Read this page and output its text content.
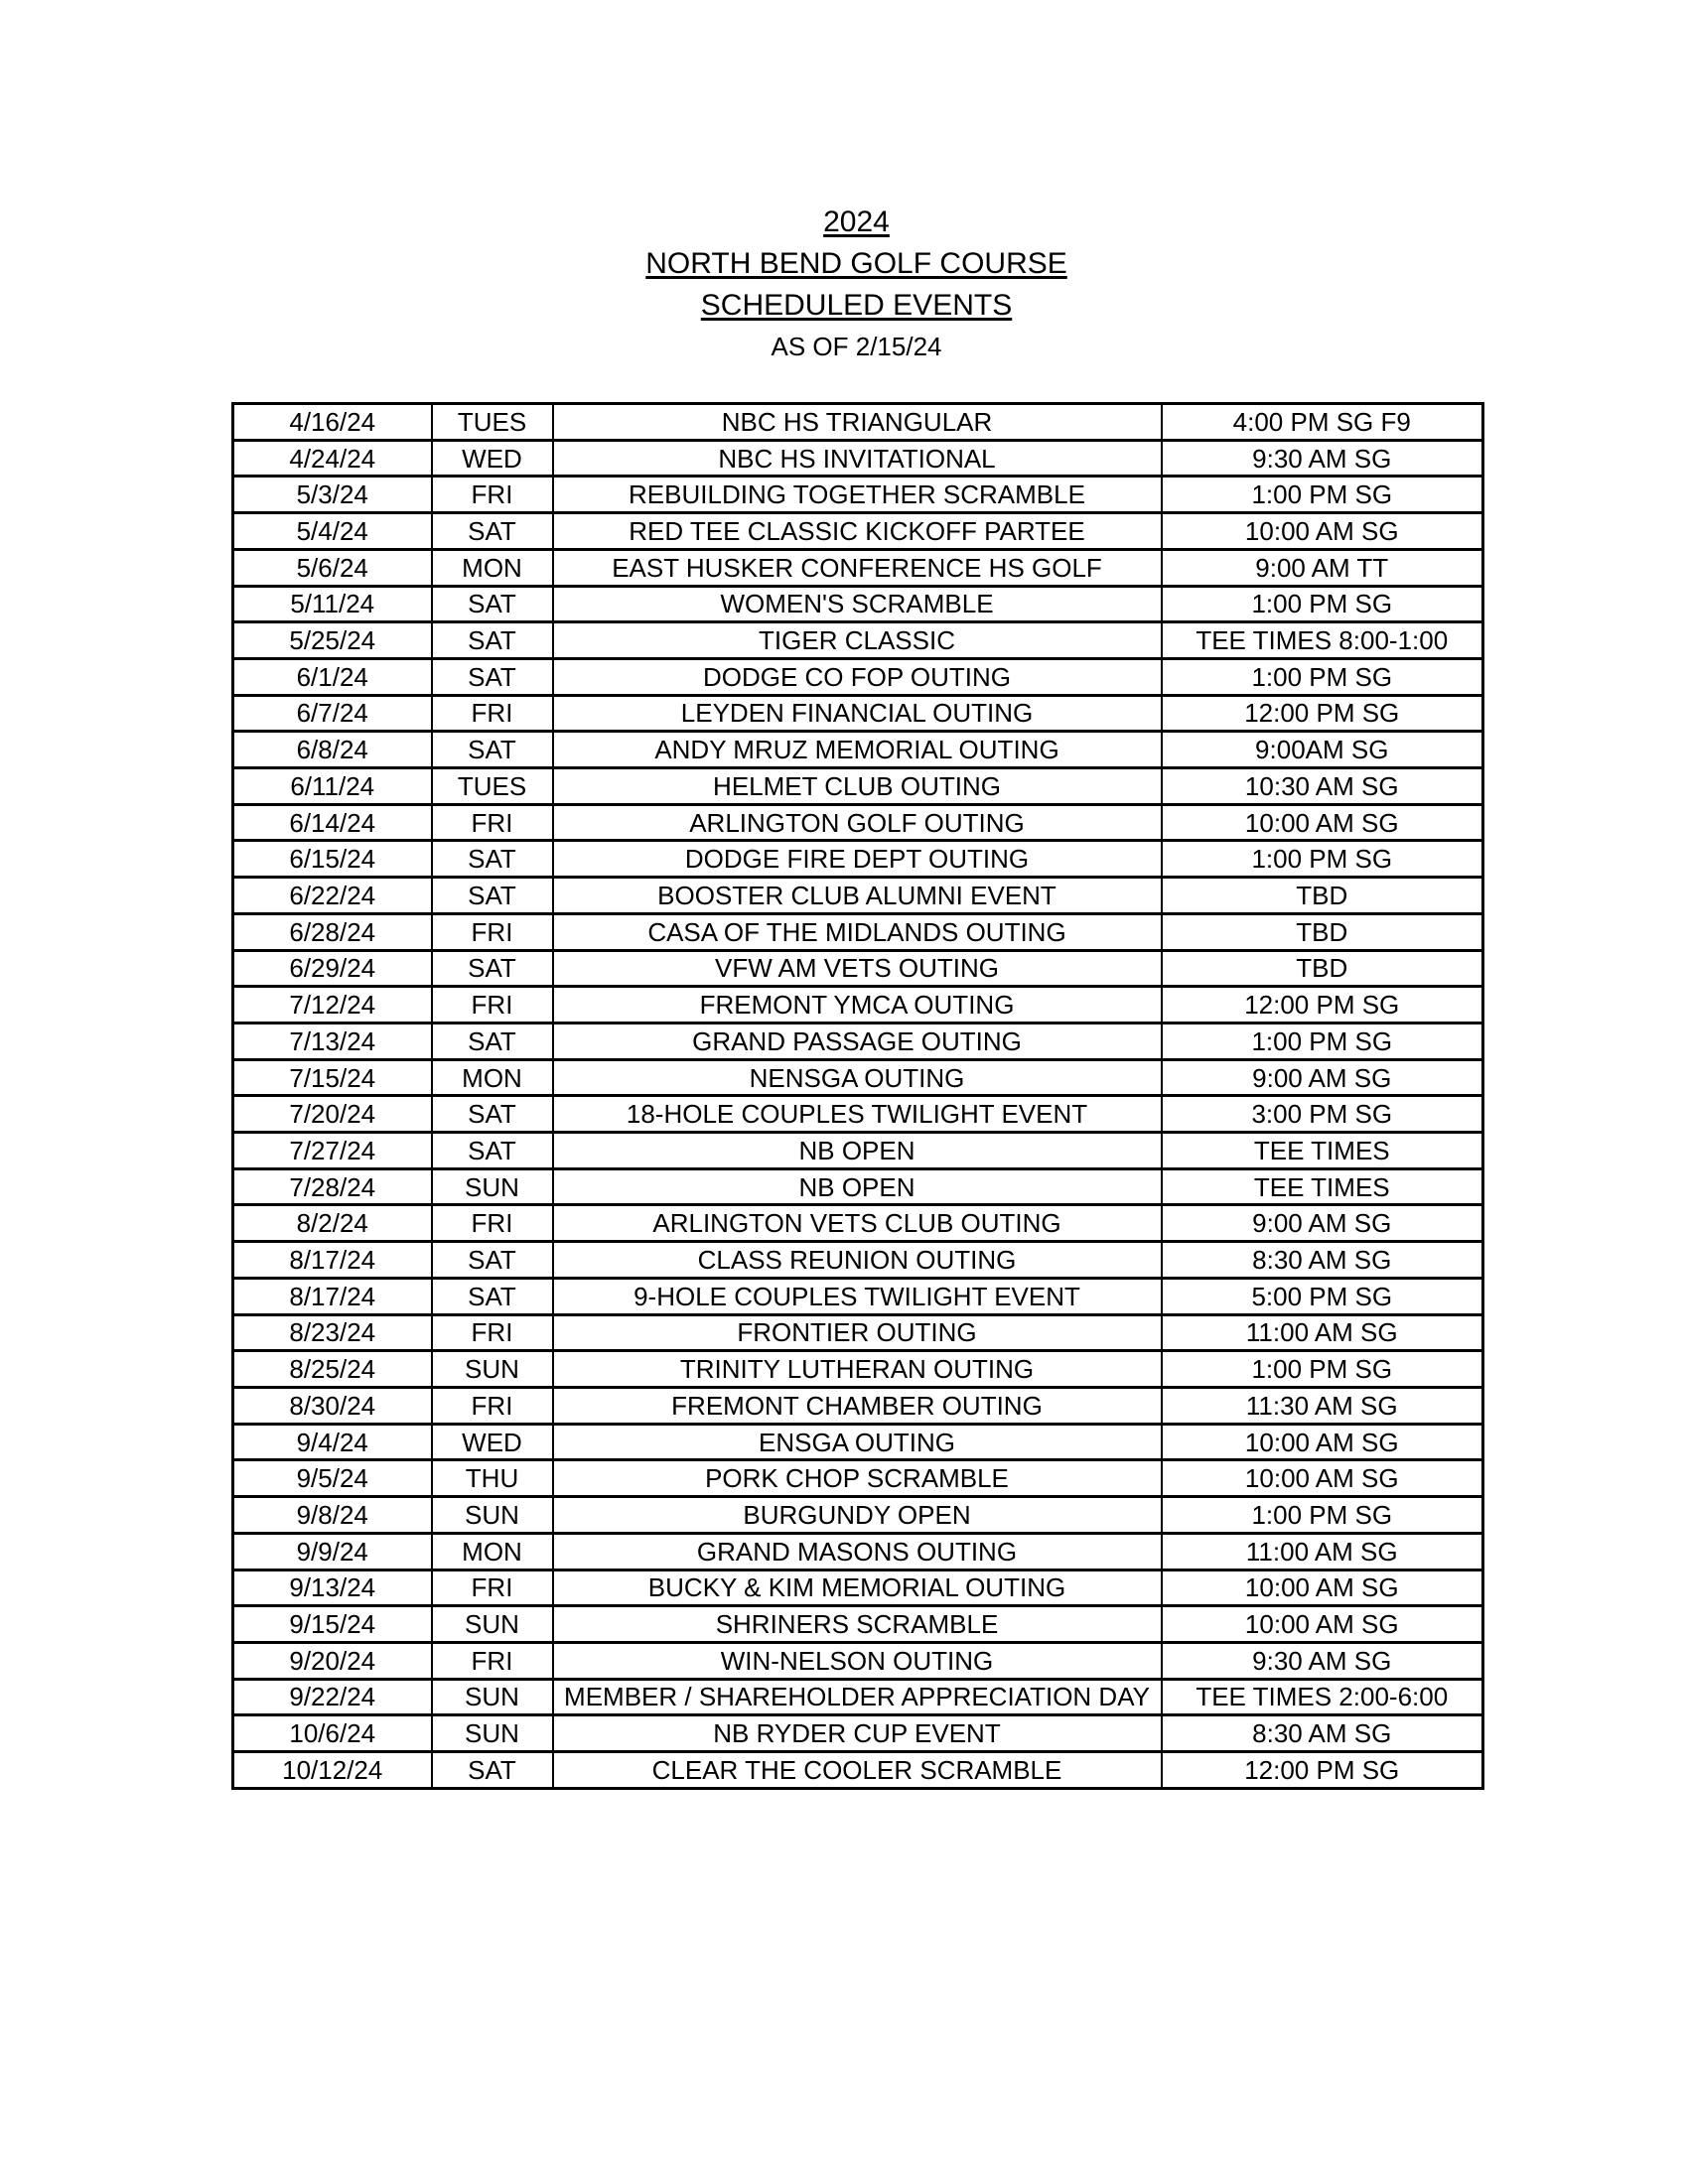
2024
NORTH BEND GOLF COURSE
SCHEDULED EVENTS
AS OF 2/15/24
4/16/24	TUES	NBC HS TRIANGULAR	4:00 PM SG F9
4/24/24	WED	NBC HS INVITATIONAL	9:30 AM SG
5/3/24	FRI	REBUILDING TOGETHER SCRAMBLE	1:00 PM SG
5/4/24	SAT	RED TEE CLASSIC KICKOFF PARTEE	10:00 AM SG
5/6/24	MON	EAST HUSKER CONFERENCE HS GOLF	9:00 AM TT
5/11/24	SAT	WOMEN'S SCRAMBLE	1:00 PM SG
5/25/24	SAT	TIGER CLASSIC	TEE TIMES 8:00-1:00
6/1/24	SAT	DODGE CO FOP OUTING	1:00 PM SG
6/7/24	FRI	LEYDEN FINANCIAL OUTING	12:00 PM SG
6/8/24	SAT	ANDY MRUZ MEMORIAL OUTING	9:00AM SG
6/11/24	TUES	HELMET CLUB OUTING	10:30 AM SG
6/14/24	FRI	ARLINGTON GOLF OUTING	10:00 AM SG
6/15/24	SAT	DODGE FIRE DEPT OUTING	1:00 PM SG
6/22/24	SAT	BOOSTER CLUB ALUMNI EVENT	TBD
6/28/24	FRI	CASA OF THE MIDLANDS OUTING	TBD
6/29/24	SAT	VFW AM VETS OUTING	TBD
7/12/24	FRI	FREMONT YMCA OUTING	12:00 PM SG
7/13/24	SAT	GRAND PASSAGE OUTING	1:00 PM SG
7/15/24	MON	NENSGA OUTING	9:00 AM SG
7/20/24	SAT	18-HOLE COUPLES TWILIGHT EVENT	3:00 PM SG
7/27/24	SAT	NB OPEN	TEE TIMES
7/28/24	SUN	NB OPEN	TEE TIMES
8/2/24	FRI	ARLINGTON VETS CLUB OUTING	9:00 AM SG
8/17/24	SAT	CLASS REUNION OUTING	8:30 AM SG
8/17/24	SAT	9-HOLE COUPLES TWILIGHT EVENT	5:00 PM SG
8/23/24	FRI	FRONTIER OUTING	11:00 AM SG
8/25/24	SUN	TRINITY LUTHERAN OUTING	1:00 PM SG
8/30/24	FRI	FREMONT CHAMBER OUTING	11:30 AM SG
9/4/24	WED	ENSGA OUTING	10:00 AM SG
9/5/24	THU	PORK CHOP SCRAMBLE	10:00 AM SG
9/8/24	SUN	BURGUNDY OPEN	1:00 PM SG
9/9/24	MON	GRAND MASONS OUTING	11:00 AM SG
9/13/24	FRI	BUCKY & KIM MEMORIAL OUTING	10:00 AM SG
9/15/24	SUN	SHRINERS SCRAMBLE	10:00 AM SG
9/20/24	FRI	WIN-NELSON OUTING	9:30 AM SG
9/22/24	SUN	MEMBER / SHAREHOLDER APPRECIATION DAY	TEE TIMES 2:00-6:00
10/6/24	SUN	NB RYDER CUP EVENT	8:30 AM SG
10/12/24	SAT	CLEAR THE COOLER SCRAMBLE	12:00 PM SG
